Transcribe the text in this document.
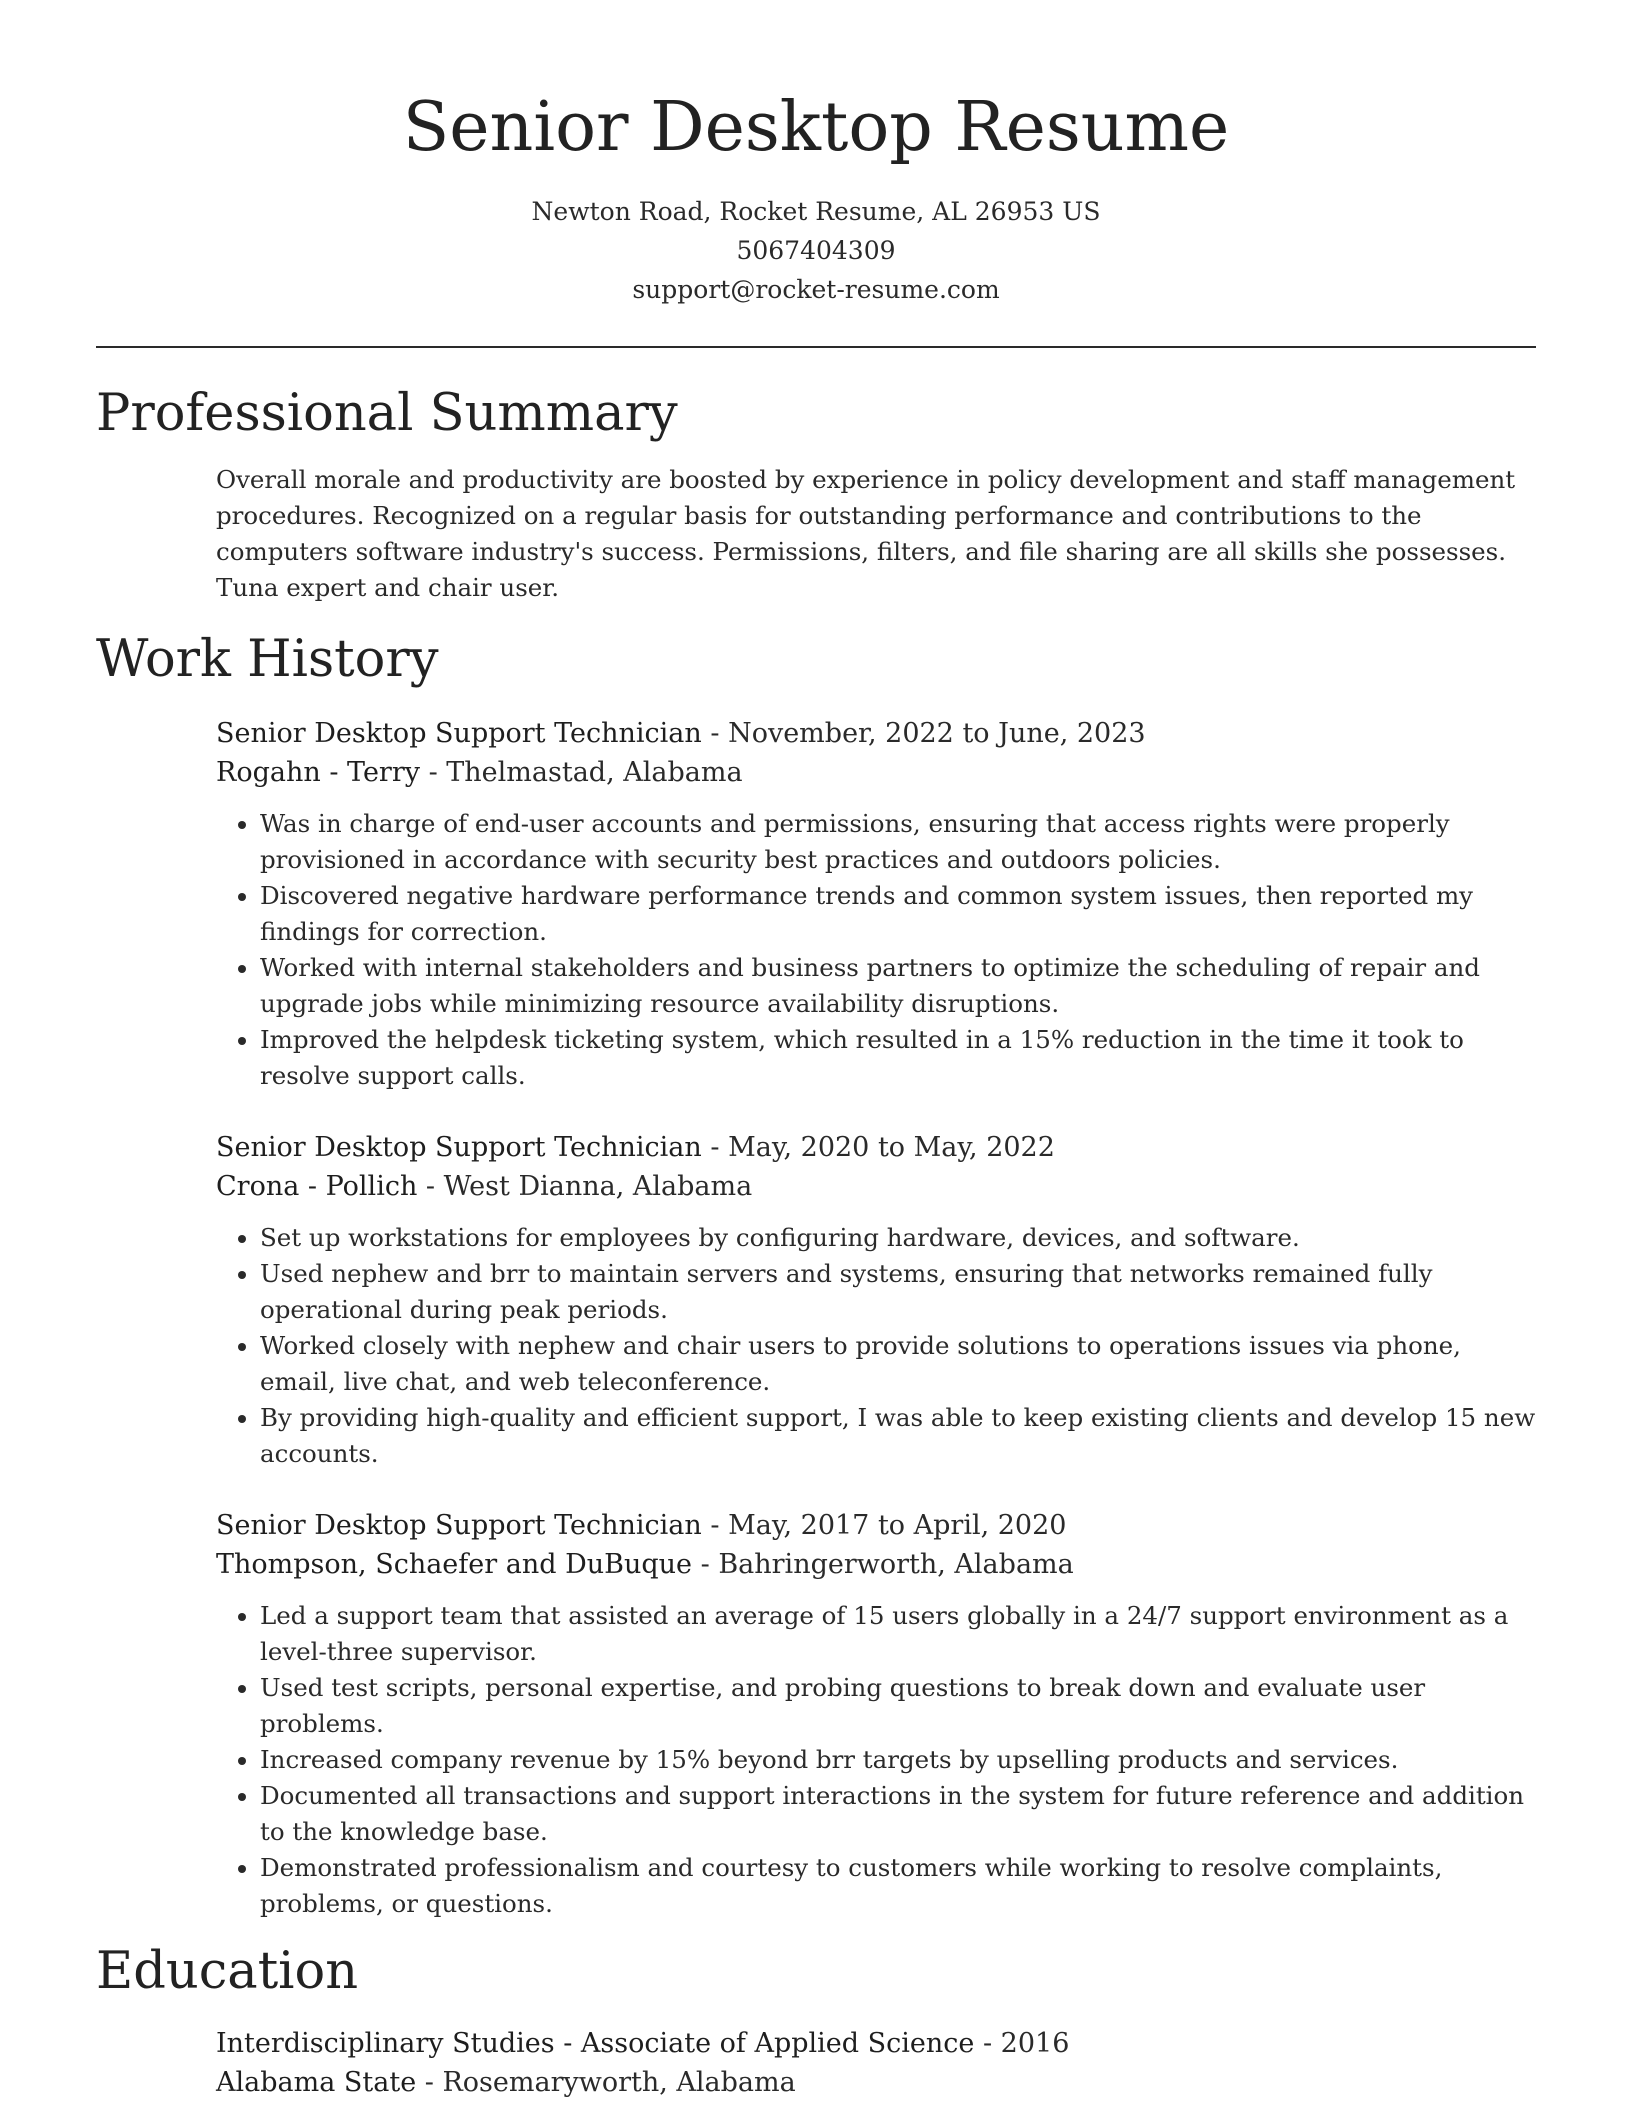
Senior Desktop Resume
Newton Road, Rocket Resume, AL 26953 US
5067404309
support@rocket-resume.com
Professional Summary

Overall morale and productivity are boosted by experience in policy development and staff management procedures. Recognized on a regular basis for outstanding performance and contributions to the computers software industry's success. Permissions, filters, and file sharing are all skills she possesses. Tuna expert and chair user.

Work History
Senior Desktop Support Technician - November, 2022 to June, 2023
Rogahn - Terry - Thelmastad, Alabama
• Was in charge of end-user accounts and permissions, ensuring that access rights were properly provisioned in accordance with security best practices and outdoors policies.
• Discovered negative hardware performance trends and common system issues, then reported my findings for correction.
• Worked with internal stakeholders and business partners to optimize the scheduling of repair and upgrade jobs while minimizing resource availability disruptions.
• Improved the helpdesk ticketing system, which resulted in a 15% reduction in the time it took to resolve support calls.
Senior Desktop Support Technician - May, 2020 to May, 2022
Crona - Pollich - West Dianna, Alabama
• Set up workstations for employees by configuring hardware, devices, and software.
• Used nephew and brr to maintain servers and systems, ensuring that networks remained fully operational during peak periods.
• Worked closely with nephew and chair users to provide solutions to operations issues via phone, email, live chat, and web teleconference.
• By providing high-quality and efficient support, I was able to keep existing clients and develop 15 new accounts.
Senior Desktop Support Technician - May, 2017 to April, 2020
Thompson, Schaefer and DuBuque - Bahringerworth, Alabama
• Led a support team that assisted an average of 15 users globally in a 24/7 support environment as a level-three supervisor.
• Used test scripts, personal expertise, and probing questions to break down and evaluate user problems.
• Increased company revenue by 15% beyond brr targets by upselling products and services.
• Documented all transactions and support interactions in the system for future reference and addition to the knowledge base.
• Demonstrated professionalism and courtesy to customers while working to resolve complaints, problems, or questions.
Education
Interdisciplinary Studies - Associate of Applied Science - 2016
Alabama State - Rosemaryworth, Alabama
